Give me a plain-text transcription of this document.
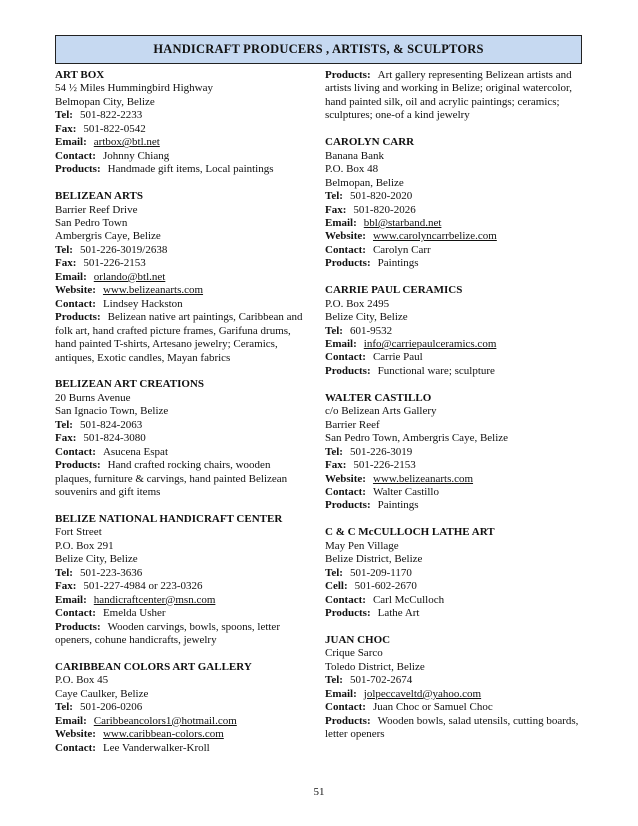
HANDICRAFT PRODUCERS , ARTISTS, & SCULPTORS
ART BOX
54 ½ Miles Hummingbird Highway
Belmopan City, Belize
Tel: 501-822-2233
Fax: 501-822-0542
Email: artbox@btl.net
Contact: Johnny Chiang
Products: Handmade gift items, Local paintings
BELIZEAN ARTS
Barrier Reef Drive
San Pedro Town
Ambergris Caye, Belize
Tel: 501-226-3019/2638
Fax: 501-226-2153
Email: orlando@btl.net
Website: www.belizeanarts.com
Contact: Lindsey Hackston
Products: Belizean native art paintings, Caribbean and folk art, hand crafted picture frames, Garifuna drums, hand painted T-shirts, Artesano jewelry; Ceramics, antiques, Exotic candles, Mayan fabrics
BELIZEAN ART CREATIONS
20 Burns Avenue
San Ignacio Town, Belize
Tel: 501-824-2063
Fax: 501-824-3080
Contact: Asucena Espat
Products: Hand crafted rocking chairs, wooden plaques, furniture & carvings, hand painted Belizean souvenirs and gift items
BELIZE NATIONAL HANDICRAFT CENTER
Fort Street
P.O. Box 291
Belize City, Belize
Tel: 501-223-3636
Fax: 501-227-4984 or 223-0326
Email: handicraftcenter@msn.com
Contact: Emelda Usher
Products: Wooden carvings, bowls, spoons, letter openers, cohune handicrafts, jewelry
CARIBBEAN COLORS ART GALLERY
P.O. Box 45
Caye Caulker, Belize
Tel: 501-206-0206
Email: Caribbeancolors1@hotmail.com
Website: www.caribbean-colors.com
Contact: Lee Vanderwalker-Kroll
Products: Art gallery representing Belizean artists and artists living and working in Belize; original watercolor, hand painted silk, oil and acrylic paintings; ceramics; sculptures; one-of a kind jewelry
CAROLYN CARR
Banana Bank
P.O. Box 48
Belmopan, Belize
Tel: 501-820-2020
Fax: 501-820-2026
Email: bbl@starband.net
Website: www.carolyncarrbelize.com
Contact: Carolyn Carr
Products: Paintings
CARRIE PAUL CERAMICS
P.O. Box 2495
Belize City, Belize
Tel: 601-9532
Email: info@carriepaulceramics.com
Contact: Carrie Paul
Products: Functional ware; sculpture
WALTER CASTILLO
c/o Belizean Arts Gallery
Barrier Reef
San Pedro Town, Ambergris Caye, Belize
Tel: 501-226-3019
Fax: 501-226-2153
Website: www.belizeanarts.com
Contact: Walter Castillo
Products: Paintings
C & C McCULLOCH LATHE ART
May Pen Village
Belize District, Belize
Tel: 501-209-1170
Cell: 501-602-2670
Contact: Carl McCulloch
Products: Lathe Art
JUAN CHOC
Crique Sarco
Toledo District, Belize
Tel: 501-702-2674
Email: jolpeccaveltd@yahoo.com
Contact: Juan Choc or Samuel Choc
Products: Wooden bowls, salad utensils, cutting boards, letter openers
51
